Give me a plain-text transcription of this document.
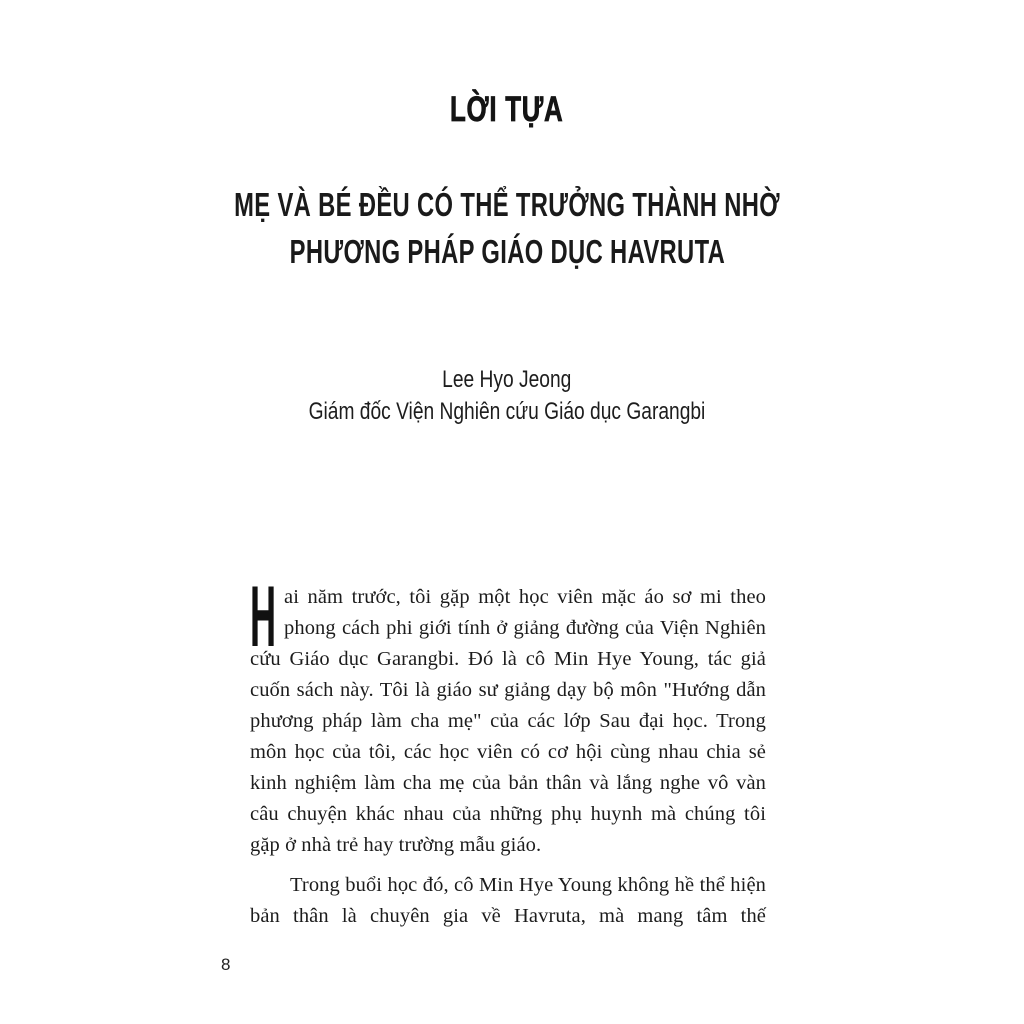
LỜI TỰA
MẸ VÀ BÉ ĐỀU CÓ THỂ TRƯỞNG THÀNH NHỜ
PHƯƠNG PHÁP GIÁO DỤC HAVRUTA
Lee Hyo Jeong
Giám đốc Viện Nghiên cứu Giáo dục Garangbi

Hai năm trước, tôi gặp một học viên mặc áo sơ mi theo phong cách phi giới tính ở giảng đường của Viện Nghiên cứu Giáo dục Garangbi. Đó là cô Min Hye Young, tác giả cuốn sách này. Tôi là giáo sư giảng dạy bộ môn "Hướng dẫn phương pháp làm cha mẹ" của các lớp Sau đại học. Trong môn học của tôi, các học viên có cơ hội cùng nhau chia sẻ kinh nghiệm làm cha mẹ của bản thân và lắng nghe vô vàn câu chuyện khác nhau của những phụ huynh mà chúng tôi gặp ở nhà trẻ hay trường mẫu giáo.

Trong buổi học đó, cô Min Hye Young không hề thể hiện bản thân là chuyên gia về Havruta, mà mang tâm thế

8
